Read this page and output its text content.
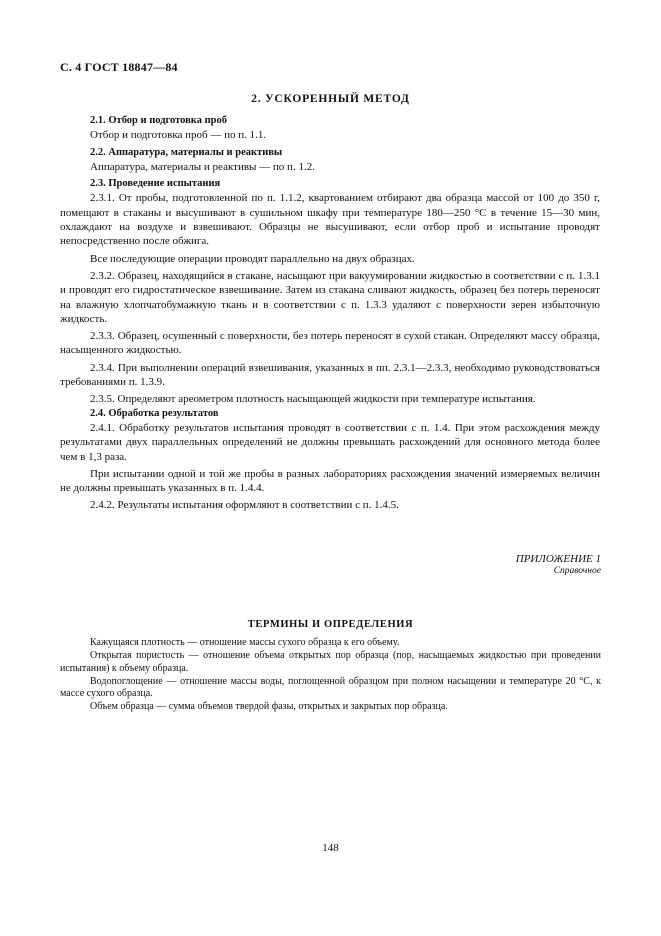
С. 4 ГОСТ 18847—84
2. УСКОРЕННЫЙ МЕТОД

2.1. Отбор и подготовка проб

Отбор и подготовка проб — по п. 1.1.

2.2. Аппаратура, материалы и реактивы

Аппаратура, материалы и реактивы — по п. 1.2.

2.3. Проведение испытания

2.3.1. От пробы, подготовленной по п. 1.1.2, квартованием отбирают два образца массой от 100 до 350 г, помещают в стаканы и высушивают в сушильном шкафу при температуре 180—250 °С в течение 15—30 мин, охлаждают на воздухе и взвешивают. Образцы не высушивают, если отбор проб и испытание проводят непосредственно после обжига.

Все последующие операции проводят параллельно на двух образцах.

2.3.2. Образец, находящийся в стакане, насыщают при вакуумировании жидкостью в соответствии с п. 1.3.1 и проводят его гидростатическое взвешивание. Затем из стакана сливают жидкость, образец без потерь переносят на влажную хлопчатобумажную ткань и в соответствии с п. 1.3.3 удаляют с поверхности зерен избыточную жидкость.

2.3.3. Образец, осушенный с поверхности, без потерь переносят в сухой стакан. Определяют массу образца, насыщенного жидкостью.

2.3.4. При выполнении операций взвешивания, указанных в пп. 2.3.1—2.3.3, необходимо руководствоваться требованиями п. 1.3.9.

2.3.5. Определяют ареометром плотность насыщающей жидкости при температуре испытания.

2.4. Обработка результатов

2.4.1. Обработку результатов испытания проводят в соответствии с п. 1.4. При этом расхождения между результатами двух параллельных определений не должны превышать расхождений для основного метода более чем в 1,3 раза.

При испытании одной и той же пробы в разных лабораториях расхождения значений измеряемых величин не должны превышать указанных в п. 1.4.4.

2.4.2. Результаты испытания оформляют в соответствии с п. 1.4.5.

ПРИЛОЖЕНИЕ 1
Справочное
ТЕРМИНЫ И ОПРЕДЕЛЕНИЯ

Кажущаяся плотность — отношение массы сухого образца к его объему.

Открытая пористость — отношение объема открытых пор образца (пор, насыщаемых жидкостью при проведении испытания) к объему образца.

Водопоглощение — отношение массы воды, поглощенной образцом при полном насыщении и температуре 20 °С, к массе сухого образца.

Объем образца — сумма объемов твердой фазы, открытых и закрытых пор образца.

148
